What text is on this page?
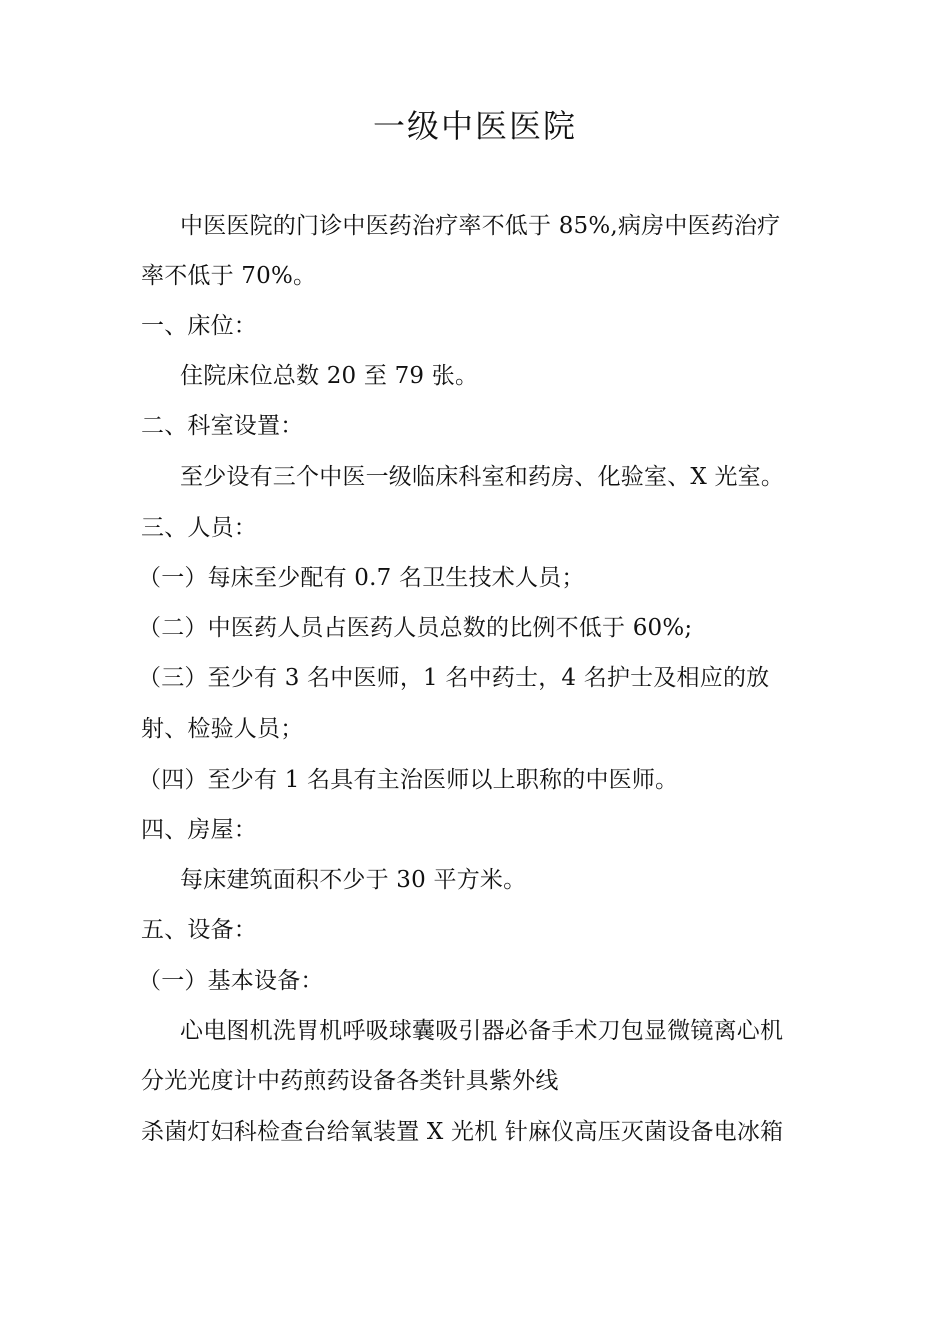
一级中医医院
中医医院的门诊中医药治疗率不低于 85%,病房中医药治疗
率不低于 70%。
一、床位：
住院床位总数 20 至 79 张。
二、科室设置：
至少设有三个中医一级临床科室和药房、化验室、X 光室。
三、人员：
（一）每床至少配有 0.7 名卫生技术人员；
（二）中医药人员占医药人员总数的比例不低于 60%;
（三）至少有 3 名中医师，1 名中药士，4 名护士及相应的放
射、检验人员；
（四）至少有 1 名具有主治医师以上职称的中医师。
四、房屋：
每床建筑面积不少于 30 平方米。
五、设备：
（一）基本设备：
心电图机洗胃机呼吸球囊吸引器必备手术刀包显微镜离心机
分光光度计中药煎药设备各类针具紫外线
杀菌灯妇科检查台给氧装置 X 光机 针麻仪高压灭菌设备电冰箱
